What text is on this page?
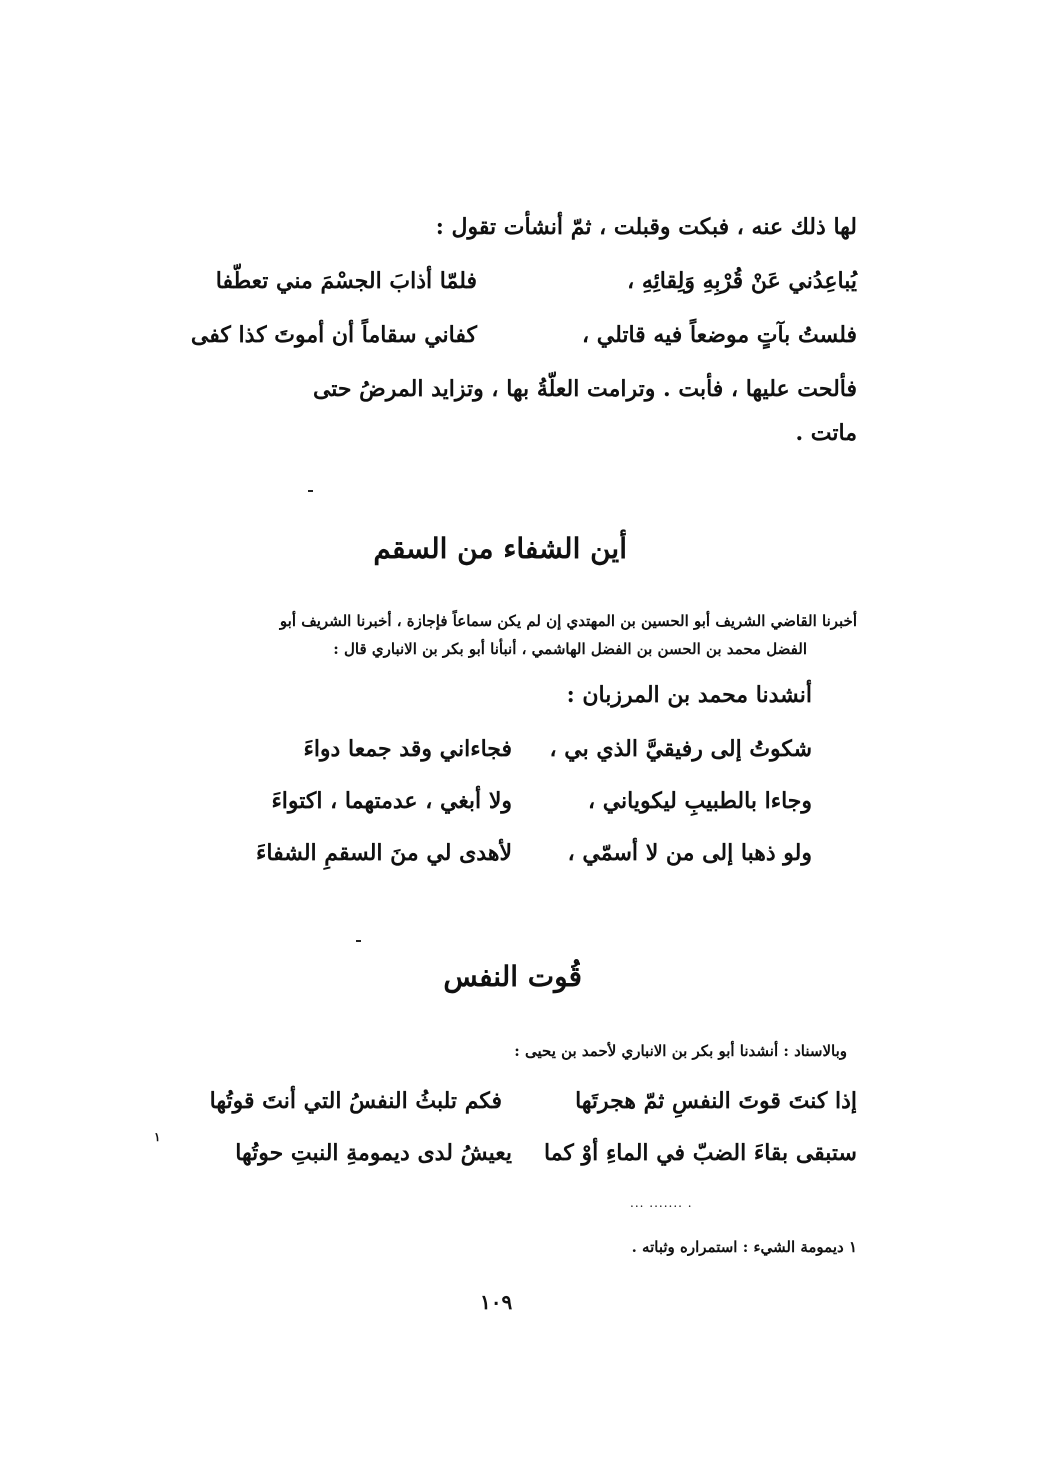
لها ذلك عنه ، فبكت وقبلت ، ثمّ أنشأت تقول :
يُباعِدُني عَنْ قُرْبِهِ وَلِقائِهِ ،
فلمّا أذابَ الجسْمَ مني تعطّفا
فلستُ بآتٍ موضعاً فيه قاتلي ،
كفاني سقاماً أن أموتَ كذا كفى
فألحت عليها ، فأبت . وترامت العلّةُ بها ، وتزايد المرضُ حتى
ماتت .
أين الشفاء من السقم
أخبرنا القاضي الشريف أبو الحسين بن المهتدي إن لم يكن سماعاً فإجازة ، أخبرنا الشريف أبو
الفضل محمد بن الحسن بن الفضل الهاشمي ، أنبأنا أبو بكر بن الانباري قال :
أنشدنا محمد بن المرزبان :
شكوتُ إلى رفيقيَّ الذي بي ،
فجاءاني وقد جمعا دواءَ
وجاءا بالطبيبِ ليكوياني ،
ولا أبغي ، عدمتهما ، اكتواءَ
ولو ذهبا إلى من لا أسمّي ،
لأهدى لي منَ السقمِ الشفاءَ
قُوت النفس
وبالاسناد : أنشدنا أبو بكر بن الانباري لأحمد بن يحيى :
إذا كنتَ قوتَ النفسِ ثمّ هجرتَها
فكم تلبثُ النفسُ التي أنتَ قوتُها
ستبقى بقاءَ الضبّ في الماءِ أوْ كما
يعيشُ لدى ديمومةِ النبتِ حوتُها
١
... ....... .
١ ديمومة الشيء : استمراره وثباته .
١٠٩
